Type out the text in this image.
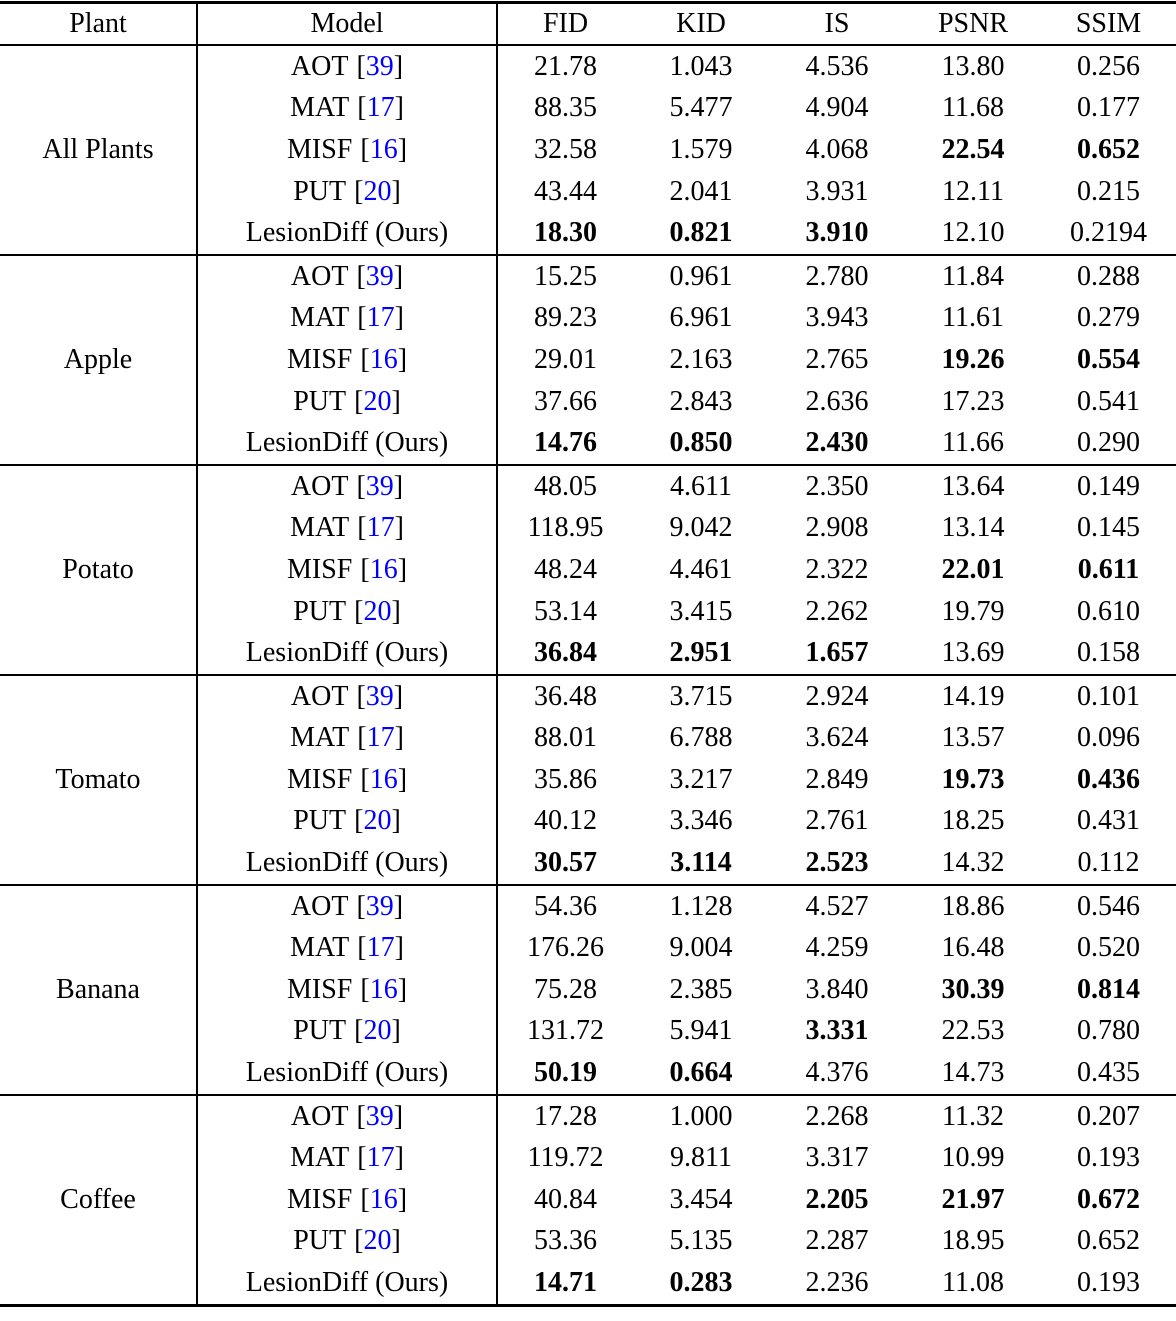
Plant	Model	FID	KID	IS	PSNR	SSIM
All Plants	AOT [39]	21.78	1.043	4.536	13.80	0.256
	MAT [17]	88.35	5.477	4.904	11.68	0.177
	MISF [16]	32.58	1.579	4.068	22.54	0.652
	PUT [20]	43.44	2.041	3.931	12.11	0.215
	LesionDiff (Ours)	18.30	0.821	3.910	12.10	0.2194
Apple	AOT [39]	15.25	0.961	2.780	11.84	0.288
	MAT [17]	89.23	6.961	3.943	11.61	0.279
	MISF [16]	29.01	2.163	2.765	19.26	0.554
	PUT [20]	37.66	2.843	2.636	17.23	0.541
	LesionDiff (Ours)	14.76	0.850	2.430	11.66	0.290
Potato	AOT [39]	48.05	4.611	2.350	13.64	0.149
	MAT [17]	118.95	9.042	2.908	13.14	0.145
	MISF [16]	48.24	4.461	2.322	22.01	0.611
	PUT [20]	53.14	3.415	2.262	19.79	0.610
	LesionDiff (Ours)	36.84	2.951	1.657	13.69	0.158
Tomato	AOT [39]	36.48	3.715	2.924	14.19	0.101
	MAT [17]	88.01	6.788	3.624	13.57	0.096
	MISF [16]	35.86	3.217	2.849	19.73	0.436
	PUT [20]	40.12	3.346	2.761	18.25	0.431
	LesionDiff (Ours)	30.57	3.114	2.523	14.32	0.112
Banana	AOT [39]	54.36	1.128	4.527	18.86	0.546
	MAT [17]	176.26	9.004	4.259	16.48	0.520
	MISF [16]	75.28	2.385	3.840	30.39	0.814
	PUT [20]	131.72	5.941	3.331	22.53	0.780
	LesionDiff (Ours)	50.19	0.664	4.376	14.73	0.435
Coffee	AOT [39]	17.28	1.000	2.268	11.32	0.207
	MAT [17]	119.72	9.811	3.317	10.99	0.193
	MISF [16]	40.84	3.454	2.205	21.97	0.672
	PUT [20]	53.36	5.135	2.287	18.95	0.652
	LesionDiff (Ours)	14.71	0.283	2.236	11.08	0.193
